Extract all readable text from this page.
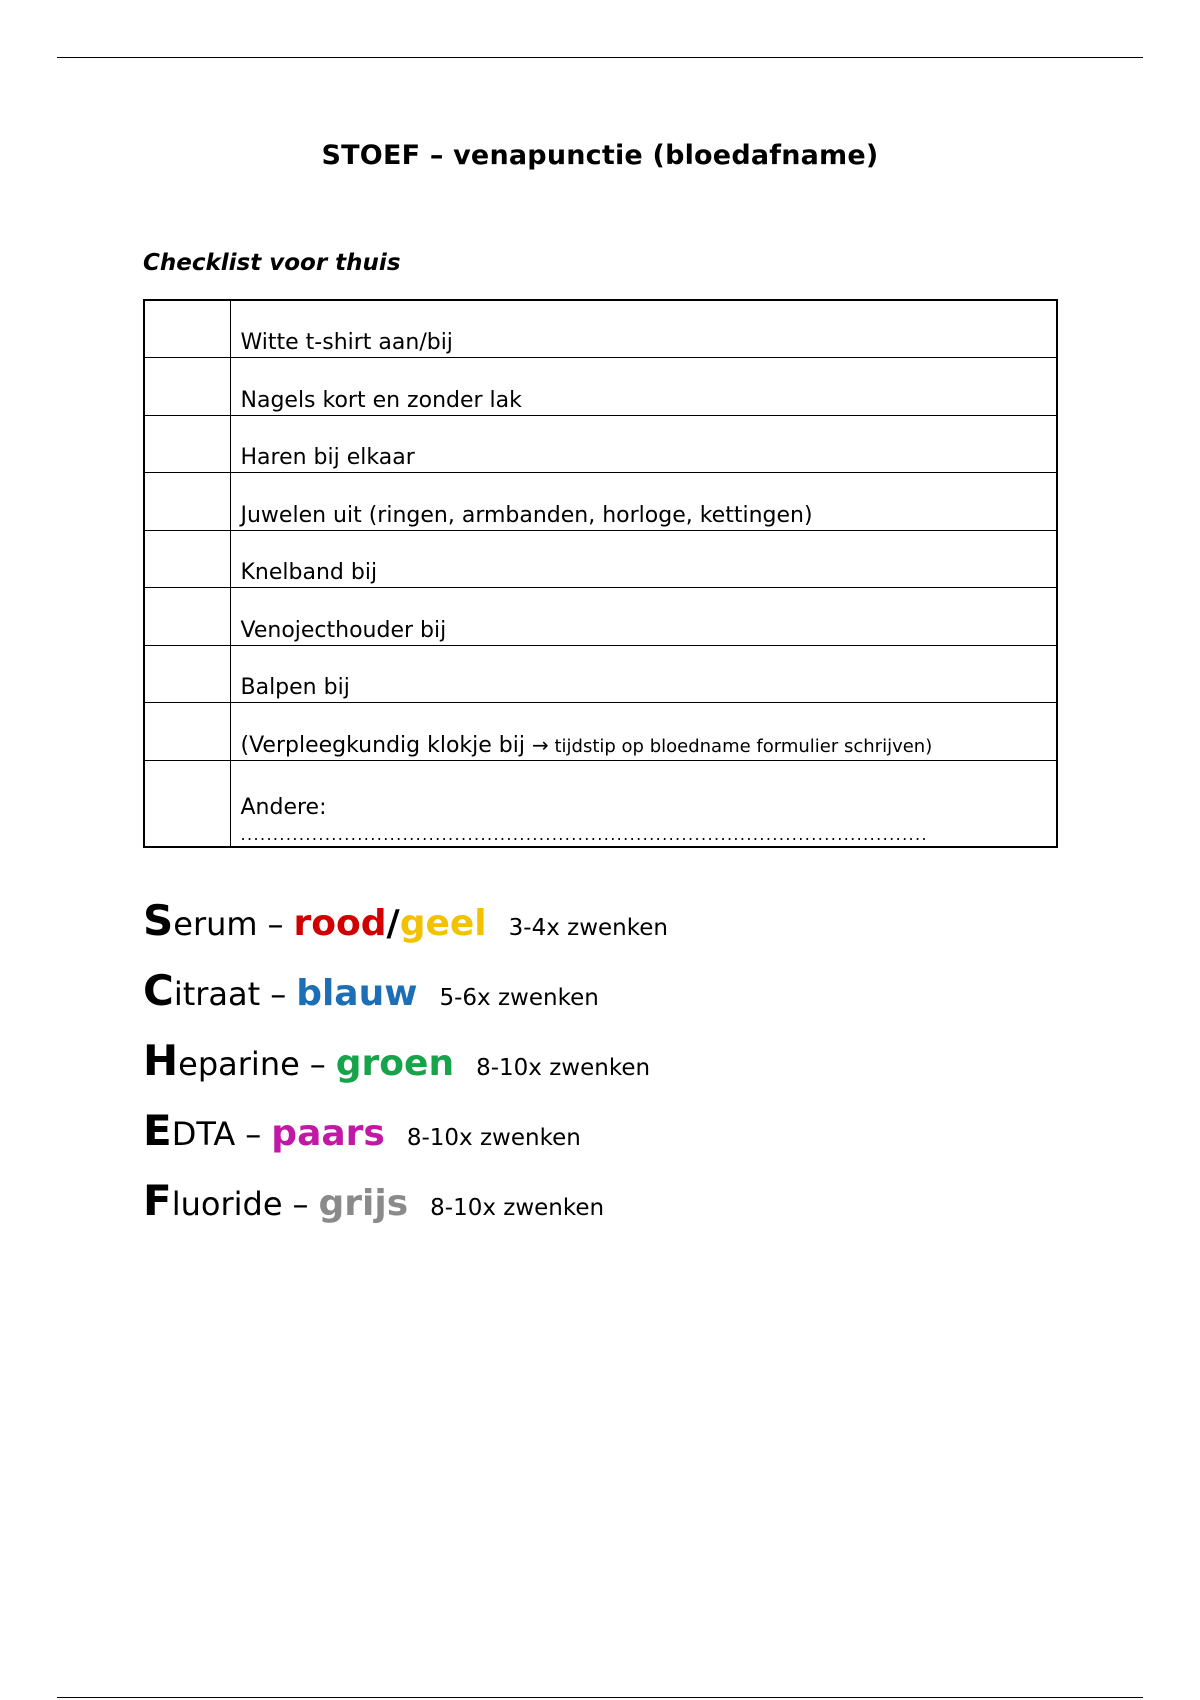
STOEF – venapunctie (bloedafname)
Checklist voor thuis
	Witte t-shirt aan/bij
	Nagels kort en zonder lak
	Haren bij elkaar
	Juwelen uit (ringen, armbanden, horloge, kettingen)
	Knelband bij
	Venojecthouder bij
	Balpen bij
	(Verpleegkundig klokje bij → tijdstip op bloedname formulier schrijven)

	Andere:
..........................................................................................................
S erum – rood / geel 3-4x zwenken
C itraat – blauw 5-6x zwenken
H eparine – groen 8-10x zwenken
E DTA – paars 8-10x zwenken
F luoride – grijs 8-10x zwenken
